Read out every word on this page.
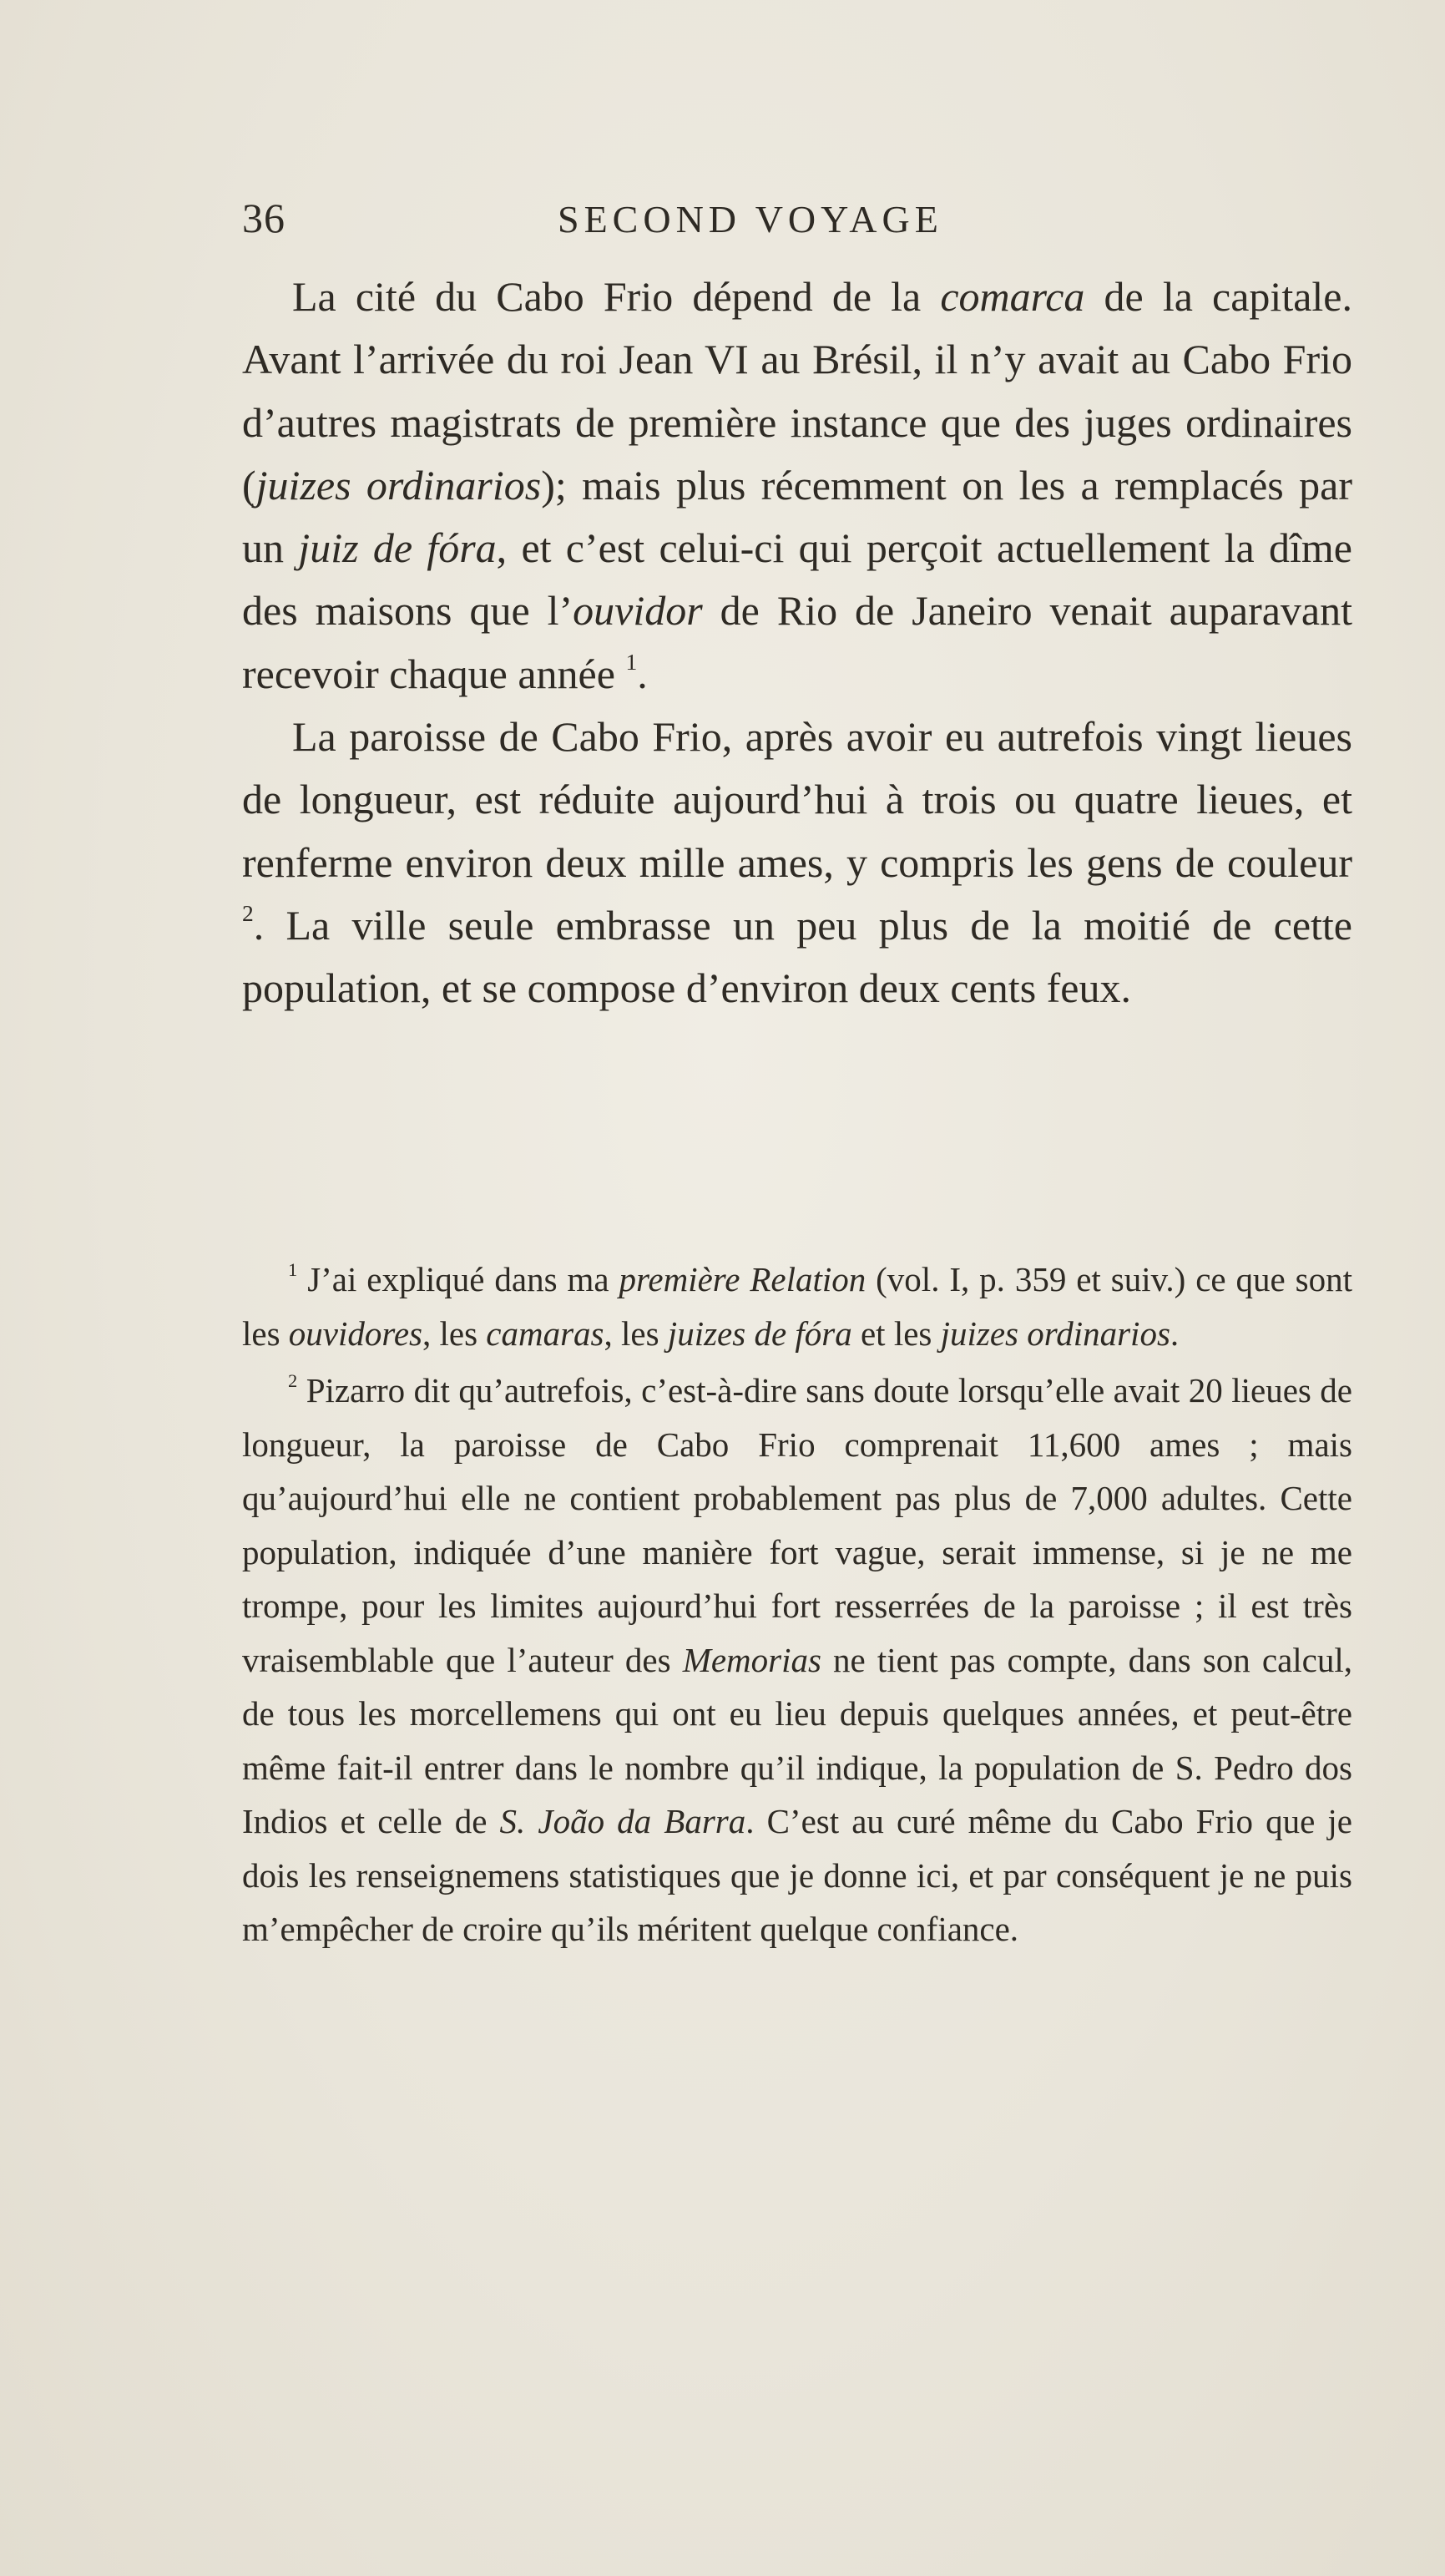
36	SECOND VOYAGE

La cité du Cabo Frio dépend de la comarca de la capitale. Avant l’arrivée du roi Jean VI au Brésil, il n’y avait au Cabo Frio d’autres magistrats de première instance que des juges ordinaires (juizes ordinarios); mais plus récemment on les a remplacés par un juiz de fóra, et c’est celui-ci qui perçoit actuellement la dîme des maisons que l’ouvidor de Rio de Janeiro venait auparavant recevoir chaque année $^1$.

La paroisse de Cabo Frio, après avoir eu autrefois vingt lieues de longueur, est réduite aujourd’hui à trois ou quatre lieues, et renferme environ deux mille ames, y compris les gens de couleur $^2$. La ville seule embrasse un peu plus de la moitié de cette population, et se compose d’environ deux cents feux.

$^1$ J’ai expliqué dans ma première Relation (vol. I, p. 359 et suiv.) ce que sont les ouvidores, les camaras, les juizes de fóra et les juizes ordinarios.

$^2$ Pizarro dit qu’autrefois, c’est-à-dire sans doute lorsqu’elle avait 20 lieues de longueur, la paroisse de Cabo Frio comprenait 11,600 ames ; mais qu’aujourd’hui elle ne contient probablement pas plus de 7,000 adultes. Cette population, indiquée d’une manière fort vague, serait immense, si je ne me trompe, pour les limites aujourd’hui fort resserrées de la paroisse ; il est très vraisemblable que l’auteur des Memorias ne tient pas compte, dans son calcul, de tous les morcellemens qui ont eu lieu depuis quelques années, et peut-être même fait-il entrer dans le nombre qu’il indique, la population de S. Pedro dos Indios et celle de S. João da Barra. C’est au curé même du Cabo Frio que je dois les renseignemens statistiques que je donne ici, et par conséquent je ne puis m’empêcher de croire qu’ils méritent quelque confiance.
